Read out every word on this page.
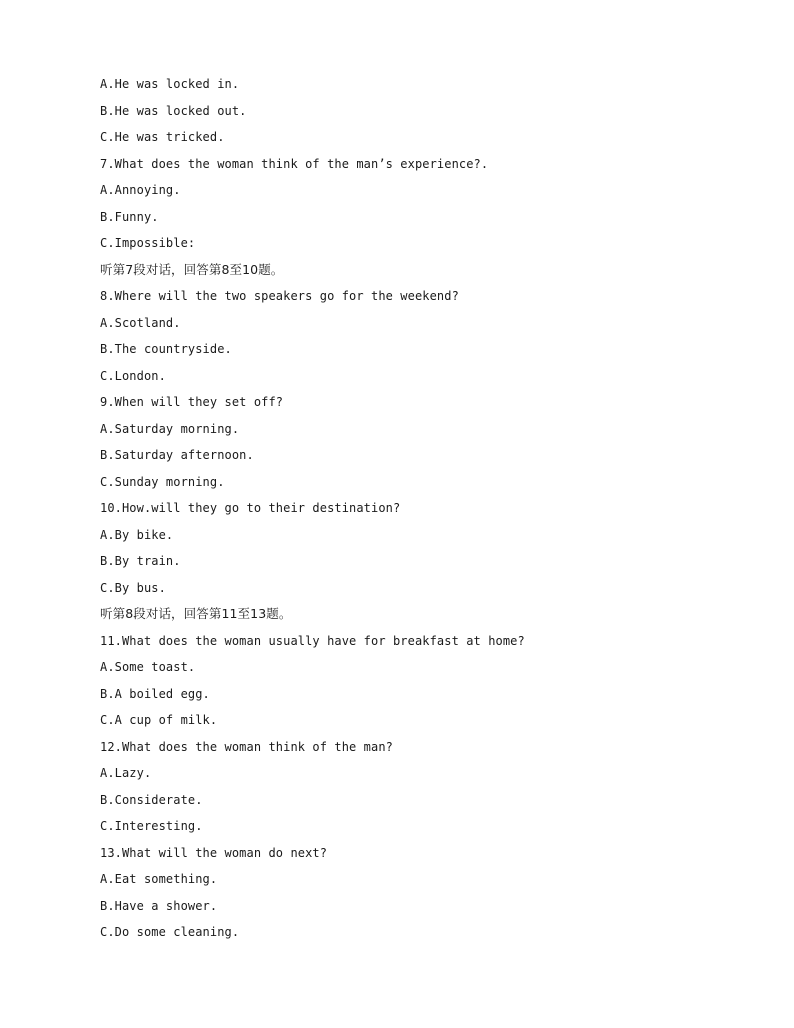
A.He was locked in.
B.He was locked out.
C.He was tricked.
7.What does the woman think of the man’s experience?.
A.Annoying.
B.Funny.
C.Impossible:
听第7段对话，回答第8至10题。
8.Where will the two speakers go for the weekend?
A.Scotland.
B.The countryside.
C.London.
9.When will they set off?
A.Saturday morning.
B.Saturday afternoon.
C.Sunday morning.
10.How.will they go to their destination?
A.By bike.
B.By train.
C.By bus.
听第8段对话，回答第11至13题。
11.What does the woman usually have for breakfast at home?
A.Some toast.
B.A boiled egg.
C.A cup of milk.
12.What does the woman think of the man?
A.Lazy.
B.Considerate.
C.Interesting.
13.What will the woman do next?
A.Eat something.
B.Have a shower.
C.Do some cleaning.
